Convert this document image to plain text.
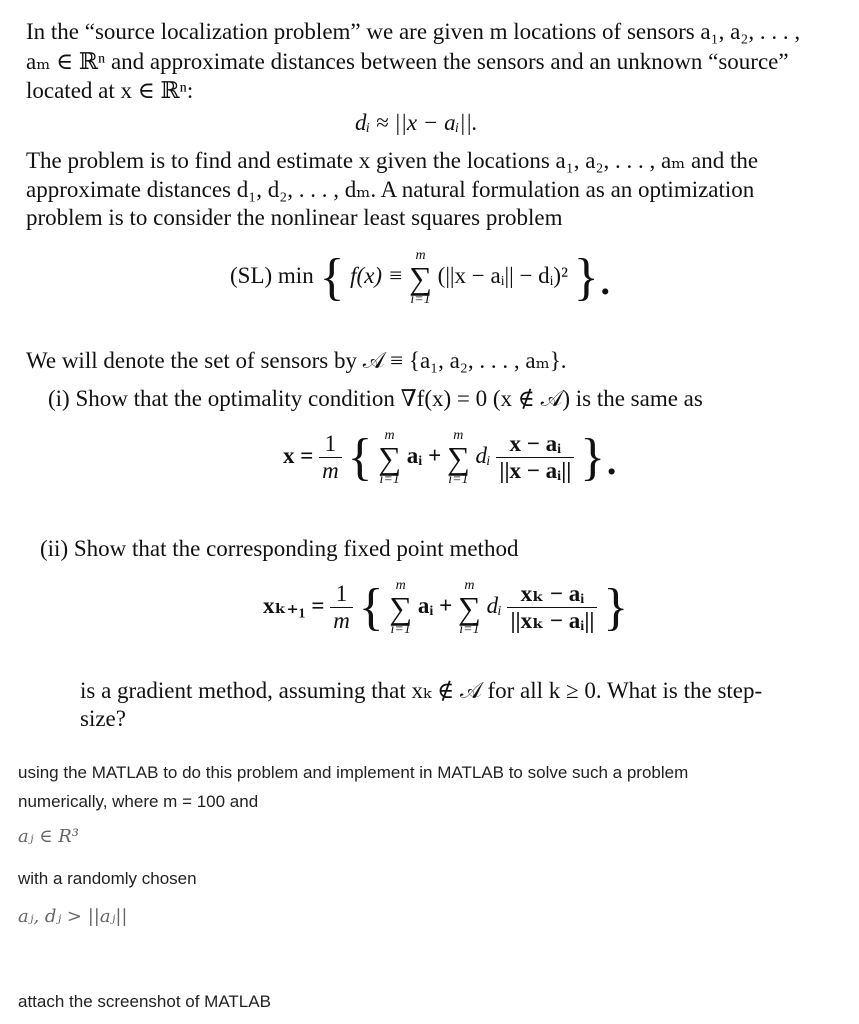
In the “source localization problem” we are given m locations of sensors a₁, a₂, . . . ,

aₘ ∈ ℝⁿ and approximate distances between the sensors and an unknown “source”

located at x ∈ ℝⁿ:

dᵢ ≈ ||x − aᵢ||.

The problem is to find and estimate x given the locations a₁, a₂, . . . , aₘ and the

approximate distances d₁, d₂, . . . , dₘ. A natural formulation as an optimization

problem is to consider the nonlinear least squares problem

(SL) min { f(x) ≡
m
∑
i=1
(||x − aᵢ|| − dᵢ)² }.

We will denote the set of sensors by 𝒜 ≡ {a₁, a₂, . . . , aₘ}.

(i) Show that the optimality condition ∇f(x) = 0 (x ∉ 𝒜) is the same as

$x = \frac{1}{m}$ { m
∑
i=1
aᵢ +
m
∑
i=1
dᵢ $\frac{\text{x − aᵢ}}{\text{||x − aᵢ||}}$ }.

(ii) Show that the corresponding fixed point method

$x_{k+1} = \frac{1}{m}$ { m
∑
i=1
aᵢ +
m
∑
i=1
dᵢ $\frac{\text{xₖ − aᵢ}}{\text{||xₖ − aᵢ||}}$ }

is a gradient method, assuming that xₖ ∉ 𝒜 for all k ≥ 0. What is the step-

size?

using the MATLAB to do this problem and implement in MATLAB to solve such a problem
numerically, where m = 100 and
aⱼ ∈ R³
with a randomly chosen
aⱼ, dⱼ > ||aⱼ||
attach the screenshot of MATLAB
